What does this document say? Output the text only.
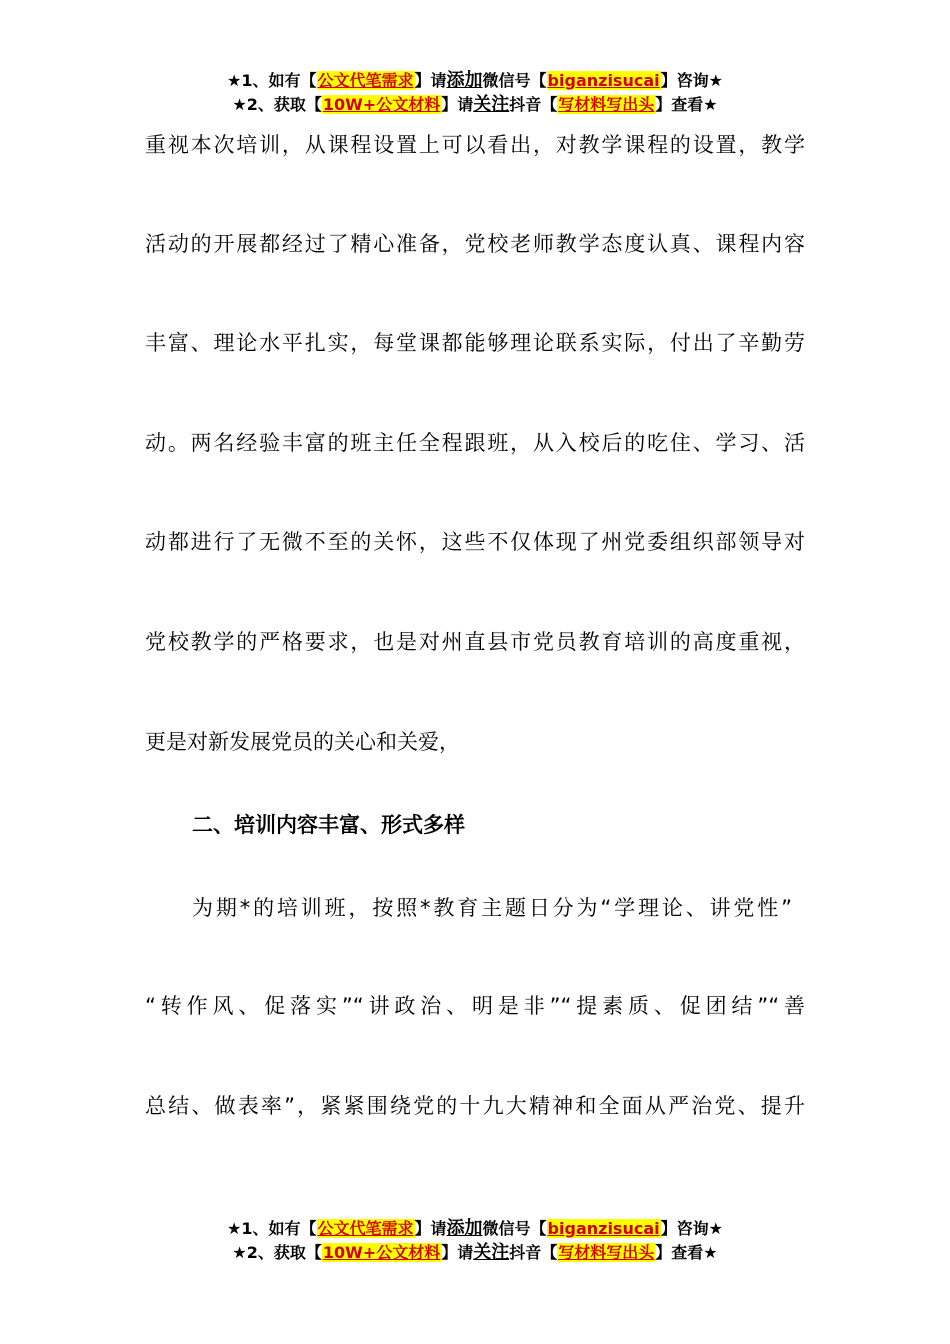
★1、如有【公文代笔需求】请添加微信号【biganzisucai】咨询★
★2、获取【10W+公文材料】请关注抖音【写材料写出头】查看★
重视本次培训，从课程设置上可以看出，对教学课程的设置，教学
活动的开展都经过了精心准备，党校老师教学态度认真、课程内容
丰富、理论水平扎实，每堂课都能够理论联系实际，付出了辛勤劳
动。两名经验丰富的班主任全程跟班，从入校后的吃住、学习、活
动都进行了无微不至的关怀，这些不仅体现了州党委组织部领导对
党校教学的严格要求，也是对州直县市党员教育培训的高度重视，
更是对新发展党员的关心和关爱，
二、培训内容丰富、形式多样
为期*的培训班，按照*教育主题日分为“学理论、讲党性”
“转作风、促落实”“讲政治、明是非”“提素质、促团结”“善
总结、做表率”，紧紧围绕党的十九大精神和全面从严治党、提升
★1、如有【公文代笔需求】请添加微信号【biganzisucai】咨询★
★2、获取【10W+公文材料】请关注抖音【写材料写出头】查看★
